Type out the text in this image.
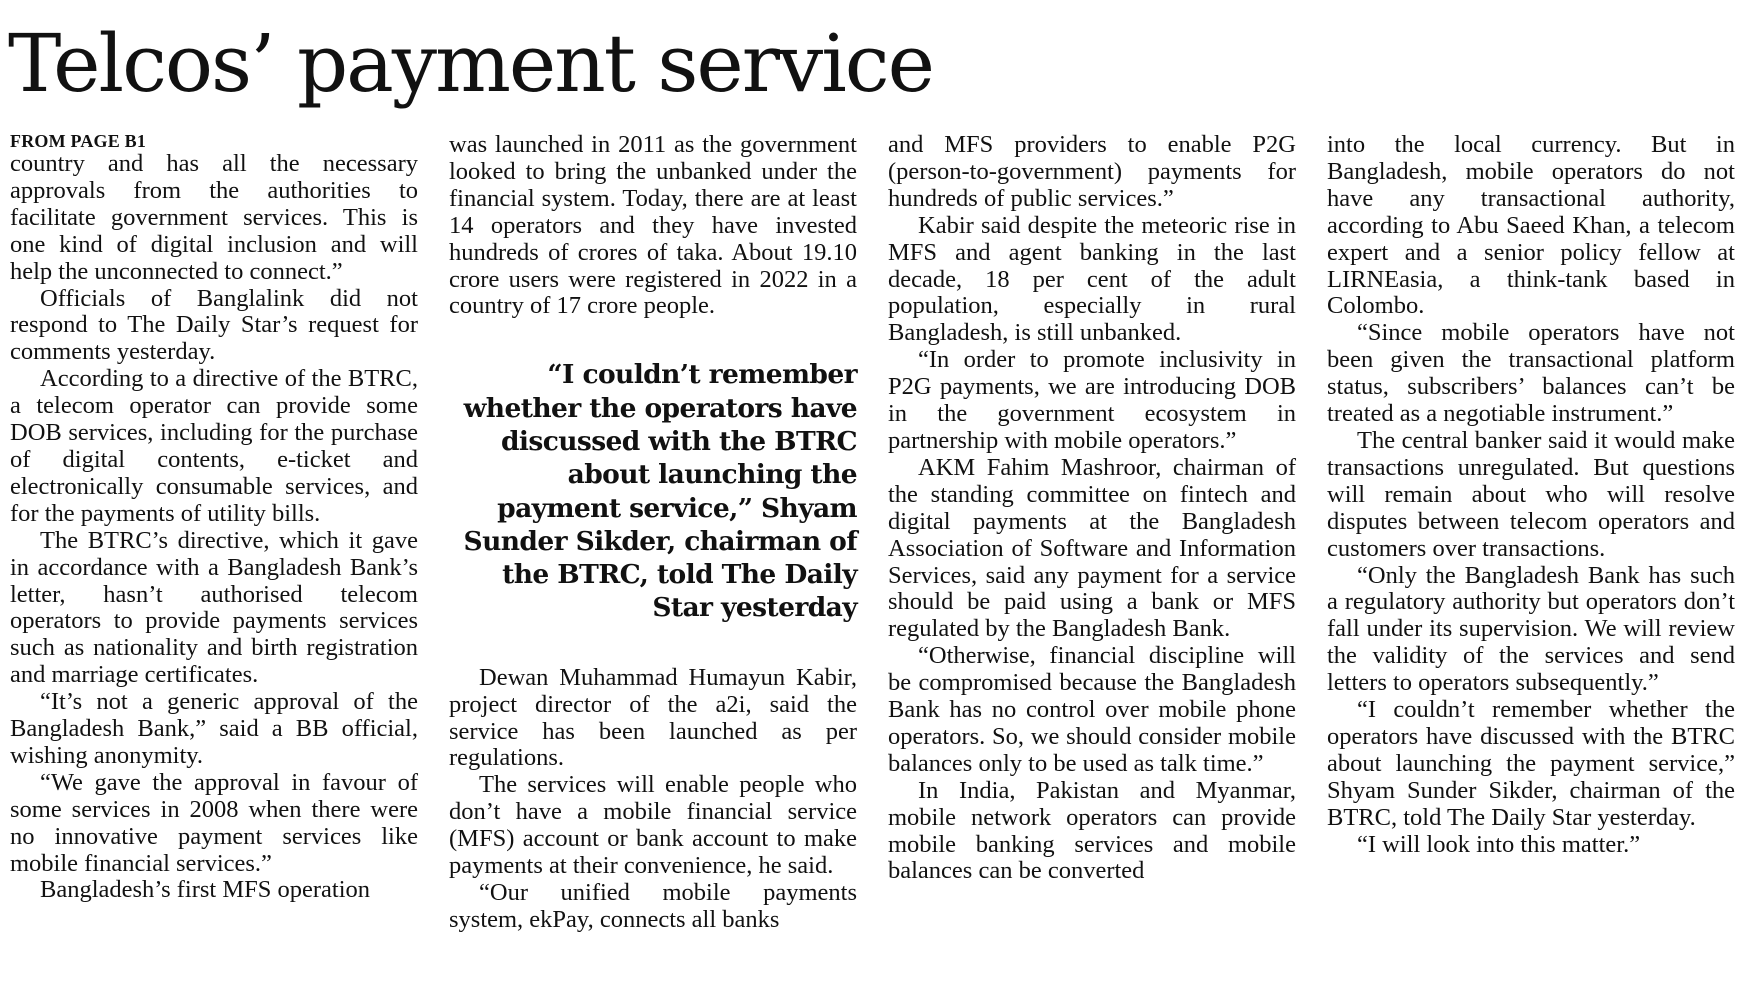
Telcos’ payment service
FROM PAGE B1

country and has all the necessary approvals from the authorities to facilitate government services. This is one kind of digital inclusion and will help the unconnected to connect.”

Officials of Banglalink did not respond to The Daily Star’s request for comments yesterday.

According to a directive of the BTRC, a telecom operator can provide some DOB services, including for the purchase of digital contents, e-ticket and electronically consumable services, and for the payments of utility bills.

The BTRC’s directive, which it gave in accordance with a Bangladesh Bank’s letter, hasn’t authorised telecom operators to provide payments services such as nationality and birth registration and marriage certificates.

“It’s not a generic approval of the Bangladesh Bank,” said a BB official, wishing anonymity.

“We gave the approval in favour of some services in 2008 when there were no innovative payment services like mobile financial services.”

Bangladesh’s first MFS operation

was launched in 2011 as the government looked to bring the unbanked under the financial system. Today, there are at least 14 operators and they have invested hundreds of crores of taka. About 19.10 crore users were registered in 2022 in a country of 17 crore people.

“I couldn’t remember whether the operators have discussed with the BTRC about launching the payment service,” Shyam Sunder Sikder, chairman of the BTRC, told The Daily Star yesterday

Dewan Muhammad Humayun Kabir, project director of the a2i, said the service has been launched as per regulations.

The services will enable people who don’t have a mobile financial service (MFS) account or bank account to make payments at their convenience, he said.

“Our unified mobile payments system, ekPay, connects all banks

and MFS providers to enable P2G (person-to-government) payments for hundreds of public services.”

Kabir said despite the meteoric rise in MFS and agent banking in the last decade, 18 per cent of the adult population, especially in rural Bangladesh, is still unbanked.

“In order to promote inclusivity in P2G payments, we are introducing DOB in the government ecosystem in partnership with mobile operators.”

AKM Fahim Mashroor, chairman of the standing committee on fintech and digital payments at the Bangladesh Association of Software and Information Services, said any payment for a service should be paid using a bank or MFS regulated by the Bangladesh Bank.

“Otherwise, financial discipline will be compromised because the Bangladesh Bank has no control over mobile phone operators. So, we should consider mobile balances only to be used as talk time.”

In India, Pakistan and Myanmar, mobile network operators can provide mobile banking services and mobile balances can be converted

into the local currency. But in Bangladesh, mobile operators do not have any transactional authority, according to Abu Saeed Khan, a telecom expert and a senior policy fellow at LIRNEasia, a think-tank based in Colombo.

“Since mobile operators have not been given the transactional platform status, subscribers’ balances can’t be treated as a negotiable instrument.”

The central banker said it would make transactions unregulated. But questions will remain about who will resolve disputes between telecom operators and customers over transactions.

“Only the Bangladesh Bank has such a regulatory authority but operators don’t fall under its supervision. We will review the validity of the services and send letters to operators subsequently.”

“I couldn’t remember whether the operators have discussed with the BTRC about launching the payment service,” Shyam Sunder Sikder, chairman of the BTRC, told The Daily Star yesterday.

“I will look into this matter.”
